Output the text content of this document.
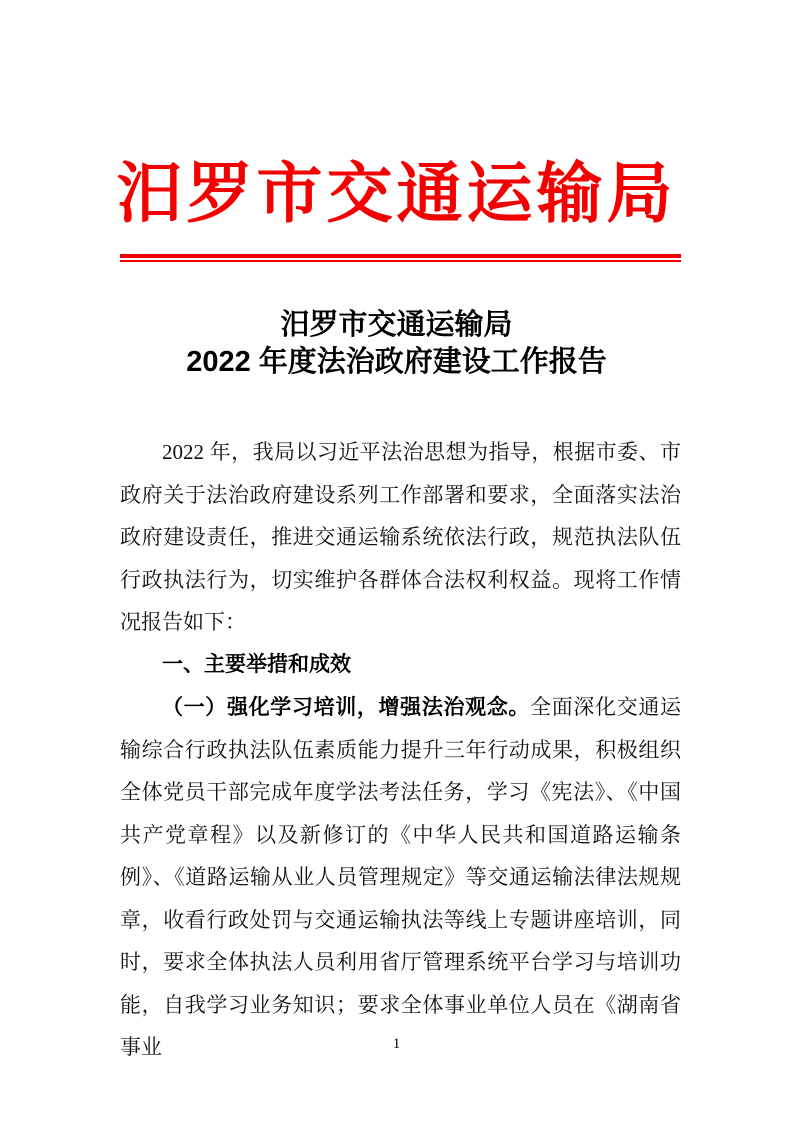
汨罗市交通运输局
汨罗市交通运输局
2022 年度法治政府建设工作报告

2022 年，我局以习近平法治思想为指导，根据市委、市政府关于法治政府建设系列工作部署和要求，全面落实法治政府建设责任，推进交通运输系统依法行政，规范执法队伍行政执法行为，切实维护各群体合法权利权益。现将工作情况报告如下：

一、主要举措和成效

（一）强化学习培训，增强法治观念。全面深化交通运输综合行政执法队伍素质能力提升三年行动成果，积极组织全体党员干部完成年度学法考法任务，学习《宪法》、《中国共产党章程》以及新修订的《中华人民共和国道路运输条例》、《道路运输从业人员管理规定》等交通运输法律法规规章，收看行政处罚与交通运输执法等线上专题讲座培训，同时，要求全体执法人员利用省厅管理系统平台学习与培训功能，自我学习业务知识；要求全体事业单位人员在《湖南省事业	1
